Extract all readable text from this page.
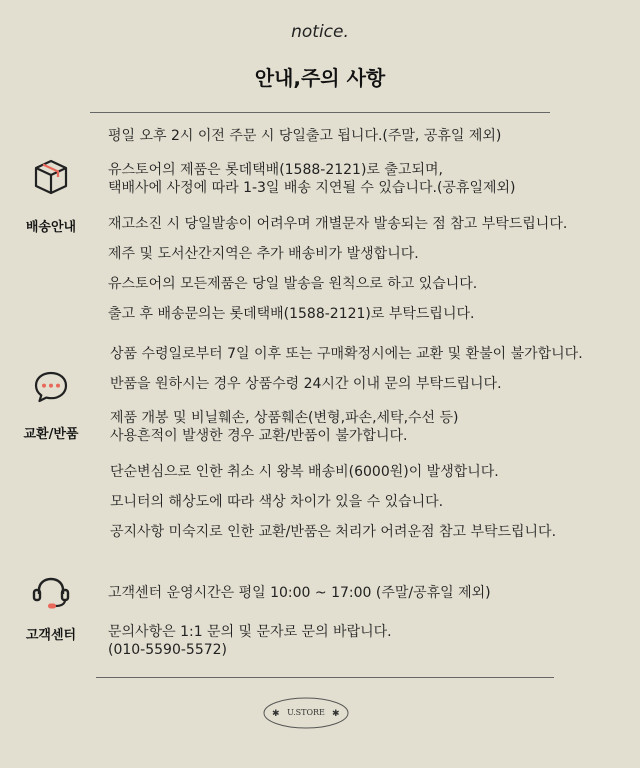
notice.
안내,주의 사항
배송안내
평일 오후 2시 이전 주문 시 당일출고 됩니다.(주말, 공휴일 제외)
유스토어의 제품은 롯데택배(1588-2121)로 출고되며,
택배사에 사정에 따라 1-3일 배송 지연될 수 있습니다.(공휴일제외)
재고소진 시 당일발송이 어려우며 개별문자 발송되는 점 참고 부탁드립니다.
제주 및 도서산간지역은 추가 배송비가 발생합니다.
유스토어의 모든제품은 당일 발송을 원칙으로 하고 있습니다.
출고 후 배송문의는 롯데택배(1588-2121)로 부탁드립니다.
교환/반품
상품 수령일로부터 7일 이후 또는 구매확정시에는 교환 및 환불이 불가합니다.
반품을 원하시는 경우 상품수령 24시간 이내 문의 부탁드립니다.
제품 개봉 및 비닐훼손, 상품훼손(변형,파손,세탁,수선 등)
사용흔적이 발생한 경우 교환/반품이 불가합니다.
단순변심으로 인한 취소 시 왕복 배송비(6000원)이 발생합니다.
모니터의 해상도에 따라 색상 차이가 있을 수 있습니다.
공지사항 미숙지로 인한 교환/반품은 처리가 어려운점 참고 부탁드립니다.
고객센터
고객센터 운영시간은 평일 10:00 ~ 17:00 (주말/공휴일 제외)
문의사항은 1:1 문의 및 문자로 문의 바랍니다.
(010-5590-5572)
✱	✱
U.STORE
